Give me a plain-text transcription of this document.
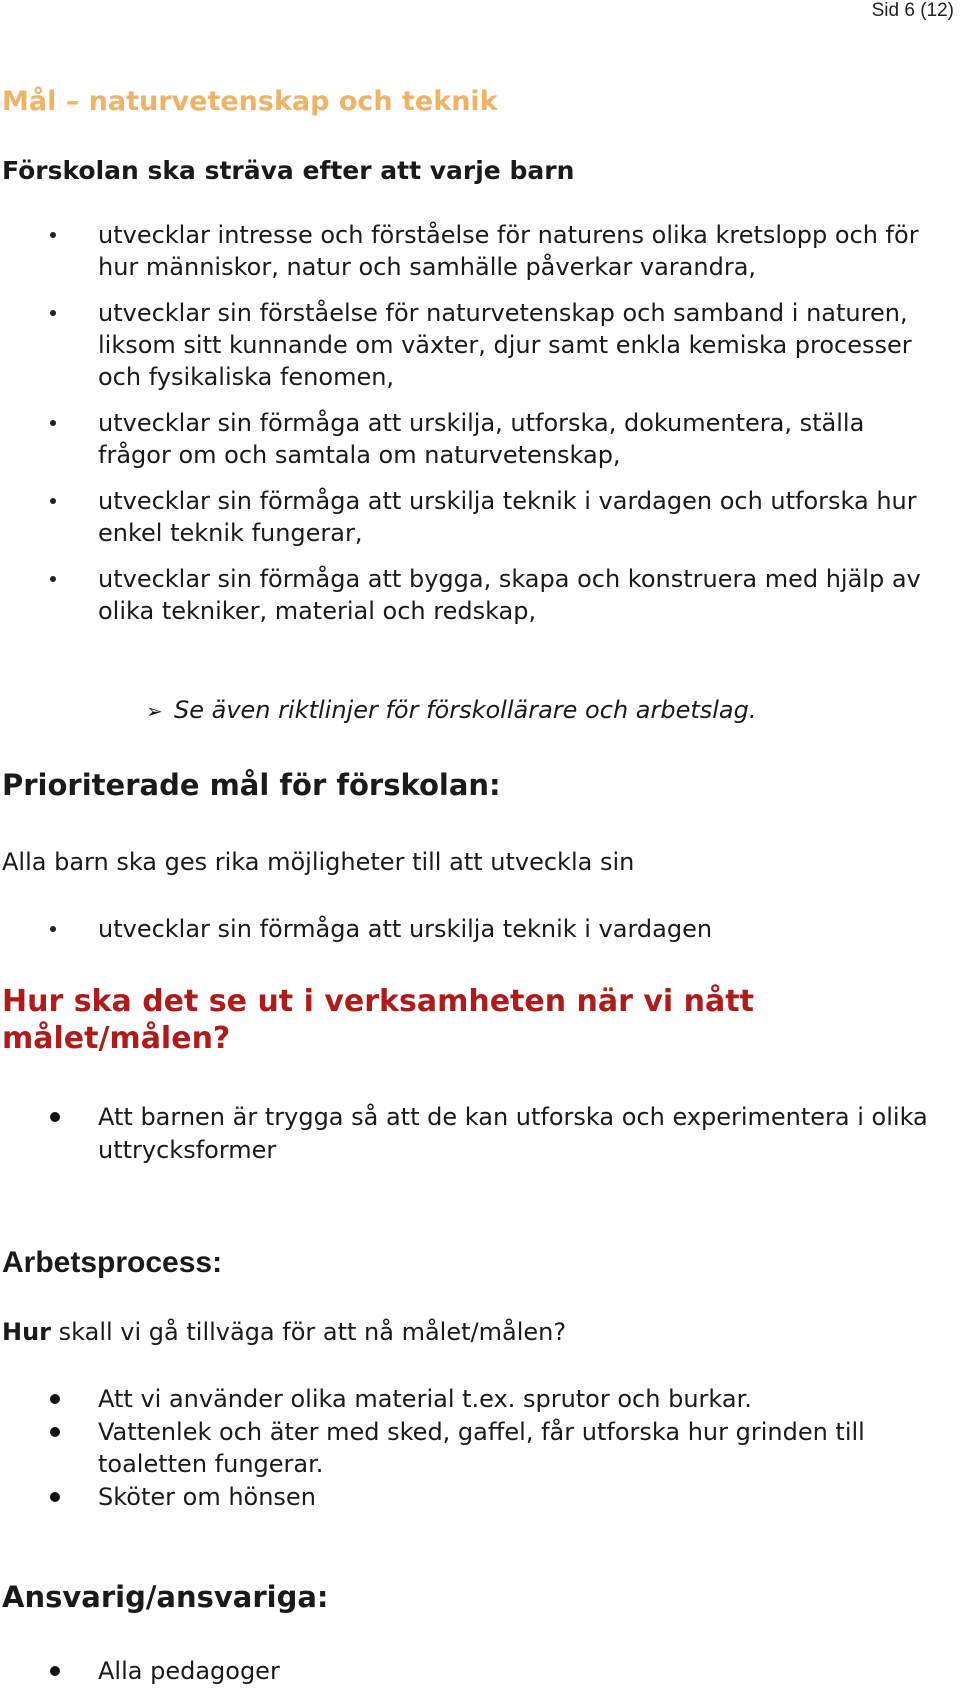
Sid 6 (12)
Mål – naturvetenskap och teknik
Förskolan ska sträva efter att varje barn
utvecklar intresse och förståelse för naturens olika kretslopp och för hur människor, natur och samhälle påverkar varandra,
utvecklar sin förståelse för naturvetenskap och samband i naturen, liksom sitt kunnande om växter, djur samt enkla kemiska processer och fysikaliska fenomen,
utvecklar sin förmåga att urskilja, utforska, dokumentera, ställa frågor om och samtala om naturvetenskap,
utvecklar sin förmåga att urskilja teknik i vardagen och utforska hur enkel teknik fungerar,
utvecklar sin förmåga att bygga, skapa och konstruera med hjälp av olika tekniker, material och redskap,
➢ Se även riktlinjer för förskollärare och arbetslag.
Prioriterade mål för förskolan:
Alla barn ska ges rika möjligheter till att utveckla sin
utvecklar sin förmåga att urskilja teknik i vardagen
Hur ska det se ut i verksamheten när vi nått målet/målen?
Att barnen är trygga så att de kan utforska och experimentera i olika uttrycksformer
Arbetsprocess:
Hur skall vi gå tillväga för att nå målet/målen?
Att vi använder olika material t.ex. sprutor och burkar.
Vattenlek och äter med sked, gaffel, får utforska hur grinden till toaletten fungerar.
Sköter om hönsen
Ansvarig/ansvariga:
Alla pedagoger
